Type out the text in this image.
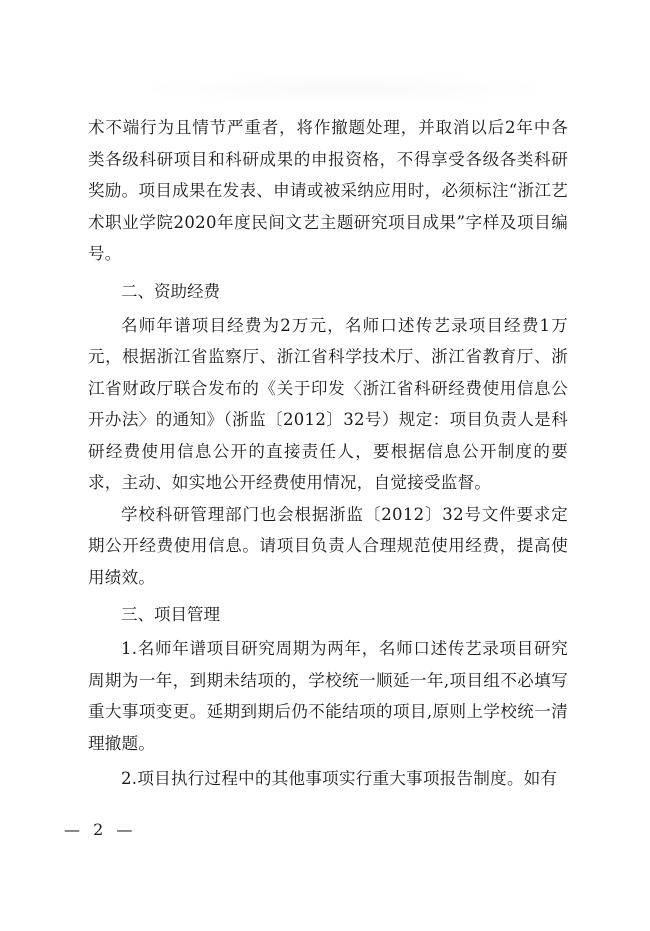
术不端行为且情节严重者，将作撤题处理，并取消以后2年中各类各级科研项目和科研成果的申报资格，不得享受各级各类科研奖励。项目成果在发表、申请或被采纳应用时，必须标注“浙江艺术职业学院2020年度民间文艺主题研究项目成果”字样及项目编号。

二、资助经费

名师年谱项目经费为2万元，名师口述传艺录项目经费1万元，根据浙江省监察厅、浙江省科学技术厅、浙江省教育厅、浙江省财政厅联合发布的《关于印发〈浙江省科研经费使用信息公开办法〉的通知》（浙监〔2012〕32号）规定：项目负责人是科研经费使用信息公开的直接责任人，要根据信息公开制度的要求，主动、如实地公开经费使用情况，自觉接受监督。

学校科研管理部门也会根据浙监〔2012〕32号文件要求定期公开经费使用信息。请项目负责人合理规范使用经费，提高使用绩效。

三、项目管理

1.名师年谱项目研究周期为两年，名师口述传艺录项目研究周期为一年，到期未结项的，学校统一顺延一年,项目组不必填写重大事项变更。延期到期后仍不能结项的项目,原则上学校统一清理撤题。

2.项目执行过程中的其他事项实行重大事项报告制度。如有

— 2 —
